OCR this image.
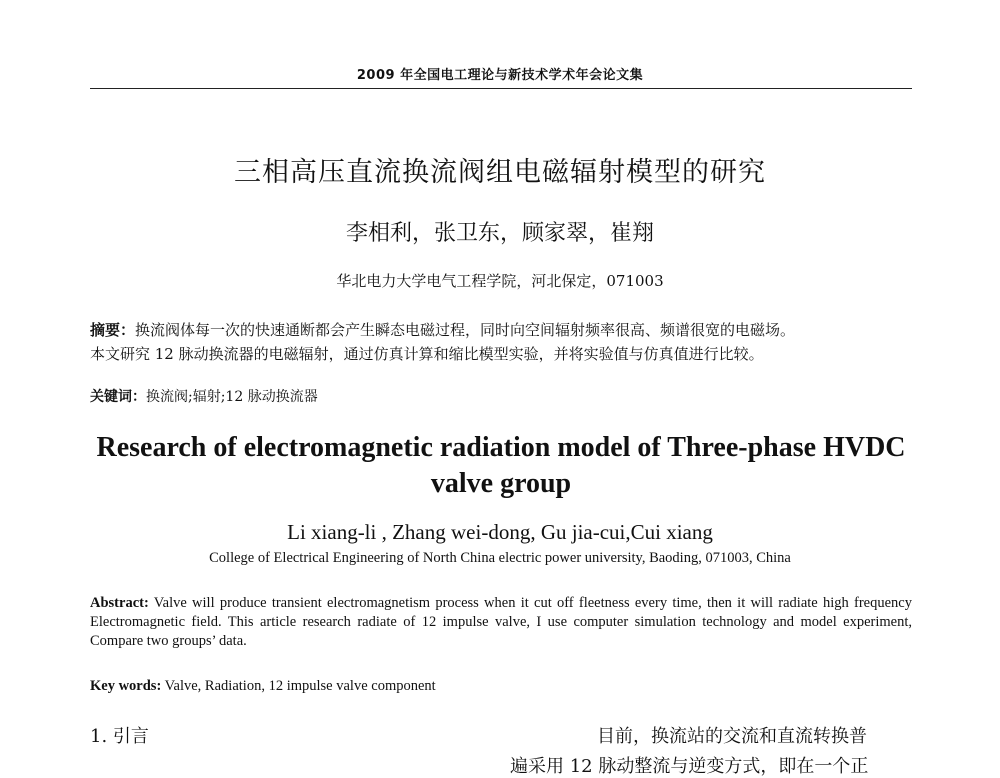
2009 年全国电工理论与新技术学术年会论文集
三相高压直流换流阀组电磁辐射模型的研究
李相利，张卫东，顾家翠，崔翔
华北电力大学电气工程学院，河北保定，071003
摘要：换流阀体每一次的快速通断都会产生瞬态电磁过程，同时向空间辐射频率很高、频谱很宽的电磁场。
本文研究 12 脉动换流器的电磁辐射，通过仿真计算和缩比模型实验，并将实验值与仿真值进行比较。
关键词：换流阀;辐射;12 脉动换流器
Research of electromagnetic radiation model of Three-phase HVDC
valve group
Li xiang-li , Zhang wei-dong, Gu jia-cui,Cui xiang
College of Electrical Engineering of North China electric power university, Baoding, 071003, China
Abstract: Valve will produce transient electromagnetism process when it cut off fleetness every time, then it will radiate high frequency Electromagnetic field. This article research radiate of 12 impulse valve, I use computer simulation technology and model experiment, Compare two groups’ data.
Key words: Valve, Radiation, 12 impulse valve component
1. 引言	目前，换流站的交流和直流转换普
遍采用 12 脉动整流与逆变方式，即在一个正
